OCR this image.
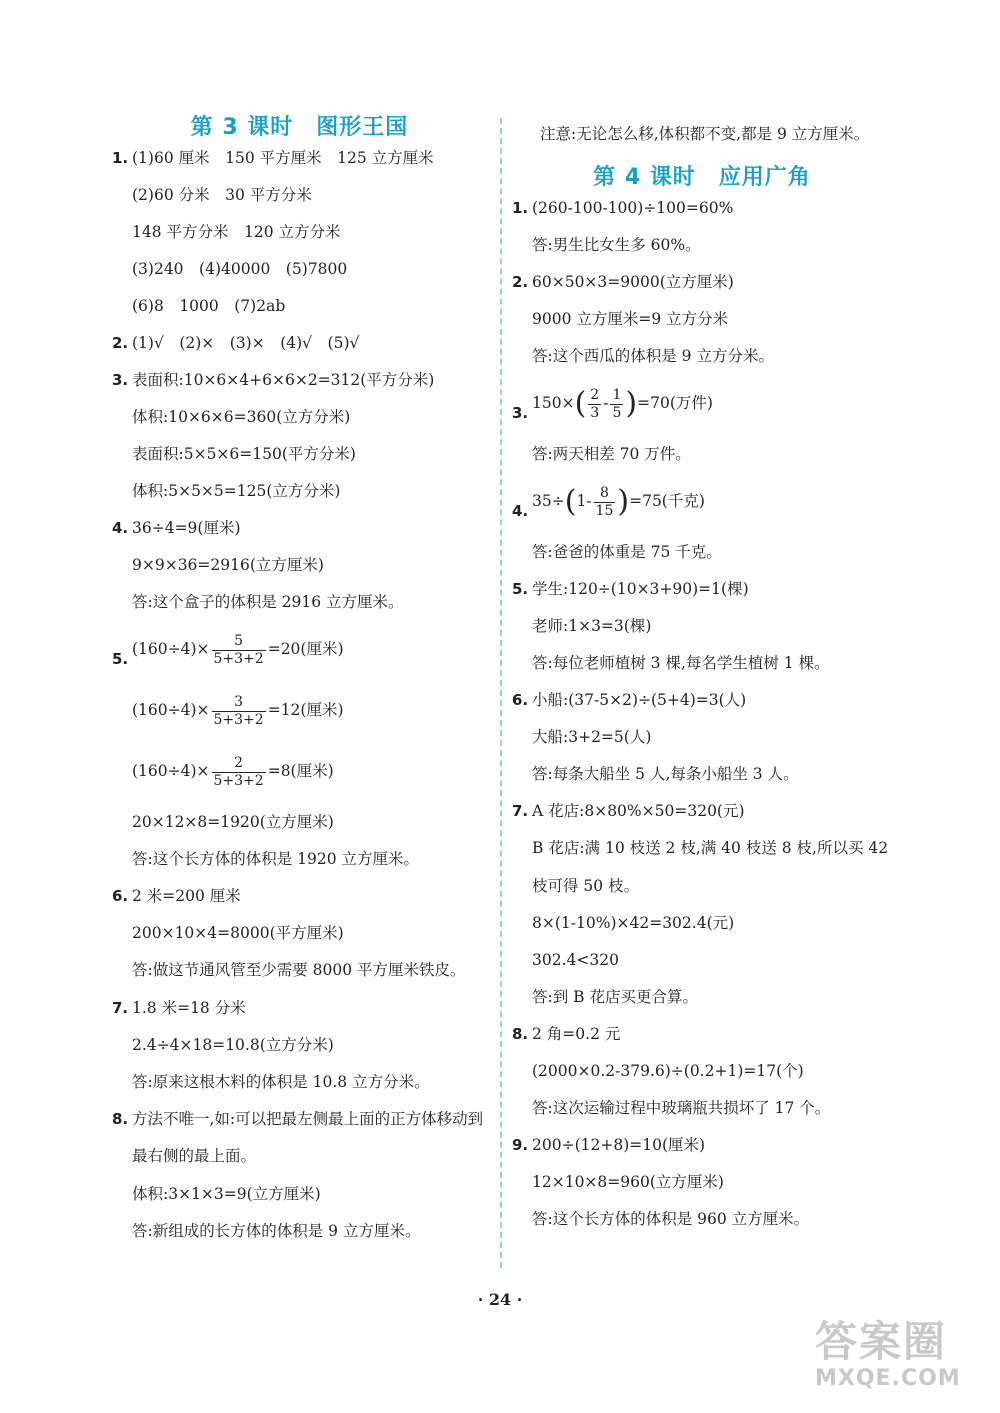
第 3 课时　图形王国
1. (1)60 厘米　150 平方厘米　125 立方厘米
(2)60 分米　30 平方分米
148 平方分米　120 立方分米
(3)240　(4)40000　(5)7800
(6)8　1000　(7)2ab
2. (1)√　(2)×　(3)×　(4)√　(5)√
3. 表面积:10×6×4+6×6×2=312(平方分米)
体积:10×6×6=360(立方分米)
表面积:5×5×6=150(平方分米)
体积:5×5×5=125(立方分米)
4. 36÷4=9(厘米)
9×9×36=2916(立方厘米)
答:这个盒子的体积是 2916 立方厘米。
5.
$(160\div 4)\times \frac{5}{5+3+2} =20$(厘米)
$(160\div 4)\times \frac{3}{5+3+2} =12$(厘米)
$(160\div 4)\times \frac{2}{5+3+2} =8$(厘米)
20×12×8=1920(立方厘米)
答:这个长方体的体积是 1920 立方厘米。
6. 2 米=200 厘米
200×10×4=8000(平方厘米)
答:做这节通风管至少需要 8000 平方厘米铁皮。
7. 1.8 米=18 分米
2.4÷4×18=10.8(立方分米)
答:原来这根木料的体积是 10.8 立方分米。
8. 方法不唯一,如:可以把最左侧最上面的正方体移动到最右侧的最上面。
体积:3×1×3=9(立方厘米)
答:新组成的长方体的体积是 9 立方厘米。
注意:无论怎么移,体积都不变,都是 9 立方厘米。
第 4 课时　应用广角
1. (260-100-100)÷100=60%
答:男生比女生多 60%。
2. 60×50×3=9000(立方厘米)
9000 立方厘米=9 立方分米
答:这个西瓜的体积是 9 立方分米。
3.
$150\times( \frac{2}{3} - \frac{1}{5} )=70$(万件)
答:两天相差 70 万件。
4.
$35\div(1- \frac{8}{15} )=75$(千克)
答:爸爸的体重是 75 千克。
5. 学生:120÷(10×3+90)=1(棵)
老师:1×3=3(棵)
答:每位老师植树 3 棵,每名学生植树 1 棵。
6. 小船:(37-5×2)÷(5+4)=3(人)
大船:3+2=5(人)
答:每条大船坐 5 人,每条小船坐 3 人。
7. A 花店:8×80%×50=320(元)
B 花店:满 10 枝送 2 枝,满 40 枝送 8 枝,所以买 42 枝可得 50 枝。
8×(1-10%)×42=302.4(元)
302.4<320
答:到 B 花店买更合算。
8. 2 角=0.2 元
(2000×0.2-379.6)÷(0.2+1)=17(个)
答:这次运输过程中玻璃瓶共损坏了 17 个。
9. 200÷(12+8)=10(厘米)
12×10×8=960(立方厘米)
答:这个长方体的体积是 960 立方厘米。
· 24 ·
答案圈
MXQE.COM
